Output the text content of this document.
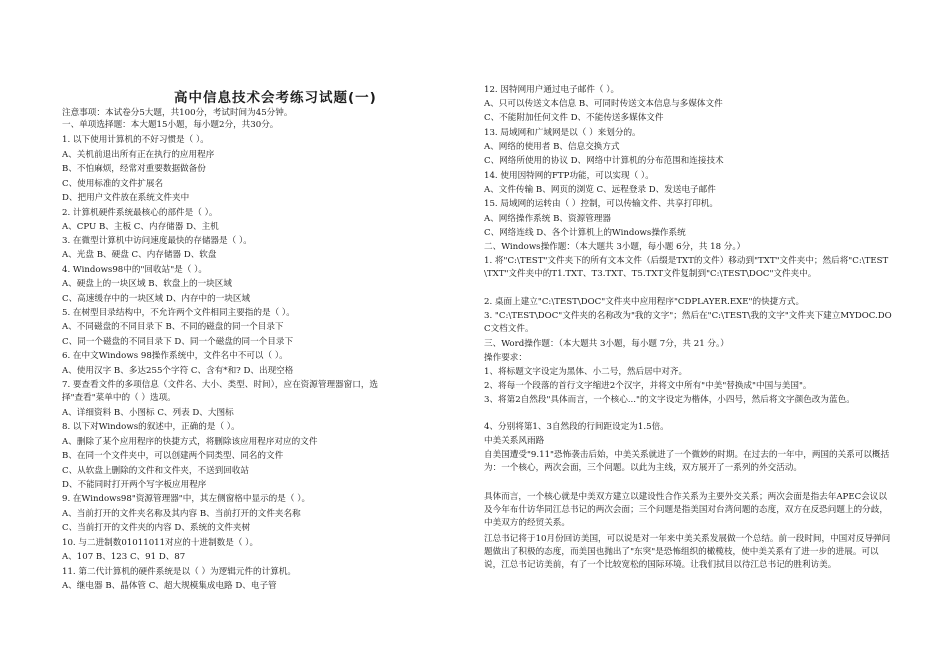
高中信息技术会考练习试题(一)
注意事项：本试卷分5大题，共100分，考试时间为45分钟。
一、单项选择题：本大题15小题，每小题2分，共30分。
1. 以下使用计算机的不好习惯是（ ）。
A、关机前退出所有正在执行的应用程序
B、不怕麻烦，经常对重要数据做备份
C、使用标准的文件扩展名
D、把用户文件放在系统文件夹中
2. 计算机硬件系统最核心的部件是（ ）。
A、CPU B、主板 C、内存储器 D、主机
3. 在微型计算机中访问速度最快的存储器是（ ）。
A、光盘 B、硬盘 C、内存储器 D、软盘
4. Windows98中的"回收站"是（ ）。
A、硬盘上的一块区域 B、软盘上的一块区域
C、高速缓存中的一块区域 D、内存中的一块区域
5. 在树型目录结构中，不允许两个文件相同主要指的是（ ）。
A、不同磁盘的不同目录下 B、不同的磁盘的同一个目录下
C、同一个磁盘的不同目录下 D、同一个磁盘的同一个目录下
6. 在中文Windows 98操作系统中，文件名中不可以（ ）。
A、使用汉字 B、多达255个字符 C、含有*和? D、出现空格
7. 要查看文件的多项信息（文件名、大小、类型、时间），应在资源管理器窗口，选
择"查看"菜单中的（ ）选项。
A、详细资料 B、小图标 C、列表 D、大图标
8. 以下对Windows的叙述中，正确的是（ ）。
A、删除了某个应用程序的快捷方式，将删除该应用程序对应的文件
B、在同一个文件夹中，可以创建两个同类型、同名的文件
C、从软盘上删除的文件和文件夹，不送到回收站
D、不能同时打开两个写字板应用程序
9. 在Windows98"资源管理器"中，其左侧窗格中显示的是（ ）。
A、当前打开的文件夹名称及其内容 B、当前打开的文件夹名称
C、当前打开的文件夹的内容 D、系统的文件夹树
10. 与二进制数01011011对应的十进制数是（ ）。
A、107 B、123 C、91 D、87
11. 第二代计算机的硬件系统是以（ ）为逻辑元件的计算机。
A、继电器 B、晶体管 C、超大规模集成电路 D、电子管
12. 因特网用户通过电子邮件（ ）。
A、只可以传送文本信息 B、可同时传送文本信息与多媒体文件
C、不能附加任何文件 D、不能传送多媒体文件
13. 局域网和广域网是以（ ）来划分的。
A、网络的使用者 B、信息交换方式
C、网络所使用的协议 D、网络中计算机的分布范围和连接技术
14. 使用因特网的FTP功能，可以实现（ ）。
A、文件传输 B、网页的浏览 C、远程登录 D、发送电子邮件
15. 局域网的运转由（ ）控制，可以传输文件、共享打印机。
A、网络操作系统 B、资源管理器
C、网络连线 D、各个计算机上的Windows操作系统
二、Windows操作题：（本大题共 3小题，每小题 6分，共 18 分。）
1. 将"C:\TEST"文件夹下的所有文本文件（后缀是TXT的文件）移动到"TXT"文件夹中；然后将"C:\TEST\TXT"文件夹中的T1.TXT、T3.TXT、T5.TXT文件复制到"C:\TEST\DOC"文件夹中。
2. 桌面上建立"C:\TEST\DOC"文件夹中应用程序"CDPLAYER.EXE"的快捷方式。
3. "C:\TEST\DOC"文件夹的名称改为"我的文字"；然后在"C:\TEST\我的文字"文件夹下建立MYDOC.DOC文档文件。
三、Word操作题：（本大题共 3小题，每小题 7分，共 21 分。）
操作要求：
1、将标题文字设定为黑体、小二号，然后居中对齐。
2、将每一个段落的首行文字缩进2个汉字，并将文中所有"中美"替换成"中国与美国"。
3、将第2自然段"具体而言，一个核心..."的文字设定为楷体，小四号，然后将文字颜色改为蓝色。
4、分别将第1、3自然段的行间距设定为1.5倍。
中美关系风雨路
自美国遭受"9.11"恐怖袭击后始，中美关系就进了一个微妙的时期。在过去的一年中，两国的关系可以概括为：一个核心，两次会面，三个问题。以此为主线，双方展开了一系列的外交活动。
具体而言，一个核心就是中美双方建立以建设性合作关系为主要外交关系；两次会面是指去年APEC会议以及今年布什访华同江总书记的两次会面；三个问题是指美国对台湾问题的态度，双方在反恐问题上的分歧，中美双方的经贸关系。
江总书记将于10月份回访美国，可以说是对一年来中美关系发展做一个总结。前一段时间，中国对反导弹问题做出了积极的态度，而美国也抛出了"东突"是恐怖组织的橄榄枝，使中美关系有了进一步的进展。可以说，江总书记访美前，有了一个比较宽松的国际环境。让我们拭目以待江总书记的胜利访美。
